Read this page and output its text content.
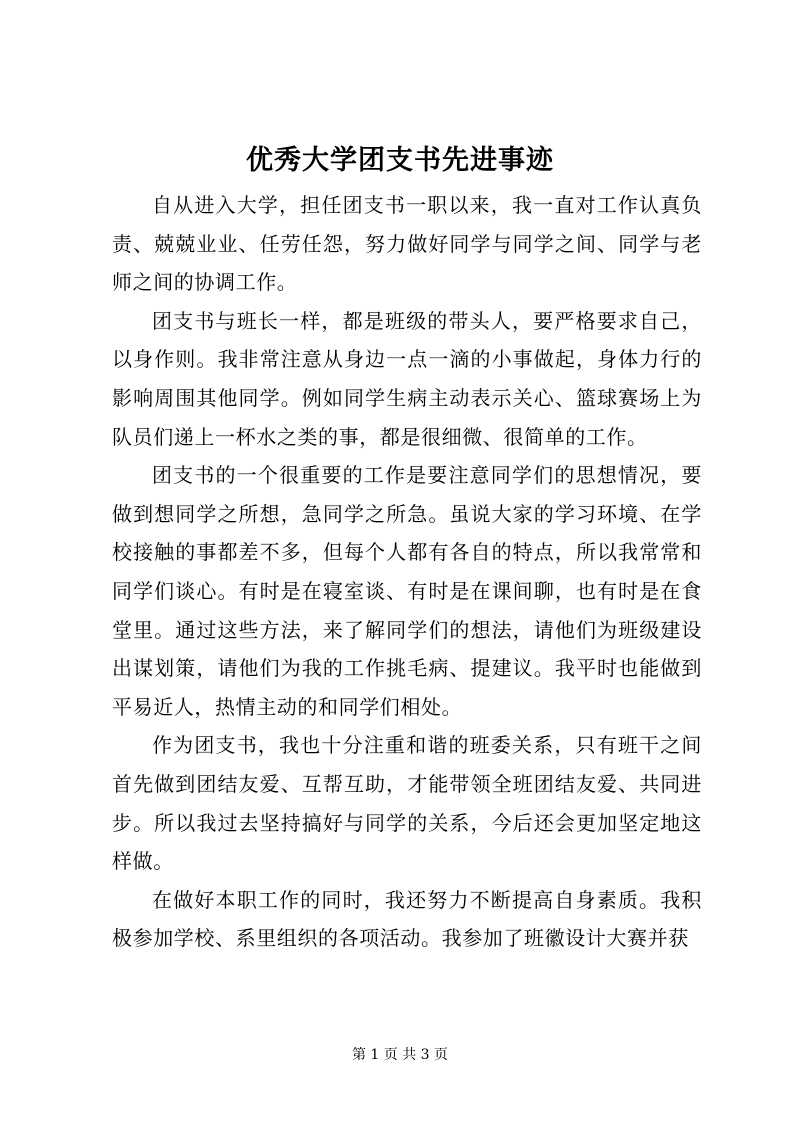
优秀大学团支书先进事迹

自从进入大学，担任团支书一职以来，我一直对工作认真负责、兢兢业业、任劳任怨，努力做好同学与同学之间、同学与老师之间的协调工作。

团支书与班长一样，都是班级的带头人，要严格要求自己，以身作则。我非常注意从身边一点一滴的小事做起，身体力行的影响周围其他同学。例如同学生病主动表示关心、篮球赛场上为队员们递上一杯水之类的事，都是很细微、很简单的工作。

团支书的一个很重要的工作是要注意同学们的思想情况，要做到想同学之所想，急同学之所急。虽说大家的学习环境、在学校接触的事都差不多，但每个人都有各自的特点，所以我常常和同学们谈心。有时是在寝室谈、有时是在课间聊，也有时是在食堂里。通过这些方法，来了解同学们的想法，请他们为班级建设出谋划策，请他们为我的工作挑毛病、提建议。我平时也能做到平易近人，热情主动的和同学们相处。

作为团支书，我也十分注重和谐的班委关系，只有班干之间首先做到团结友爱、互帮互助，才能带领全班团结友爱、共同进步。所以我过去坚持搞好与同学的关系，今后还会更加坚定地这样做。

在做好本职工作的同时，我还努力不断提高自身素质。我积极参加学校、系里组织的各项活动。我参加了班徽设计大赛并获

第 1 页 共 3 页
